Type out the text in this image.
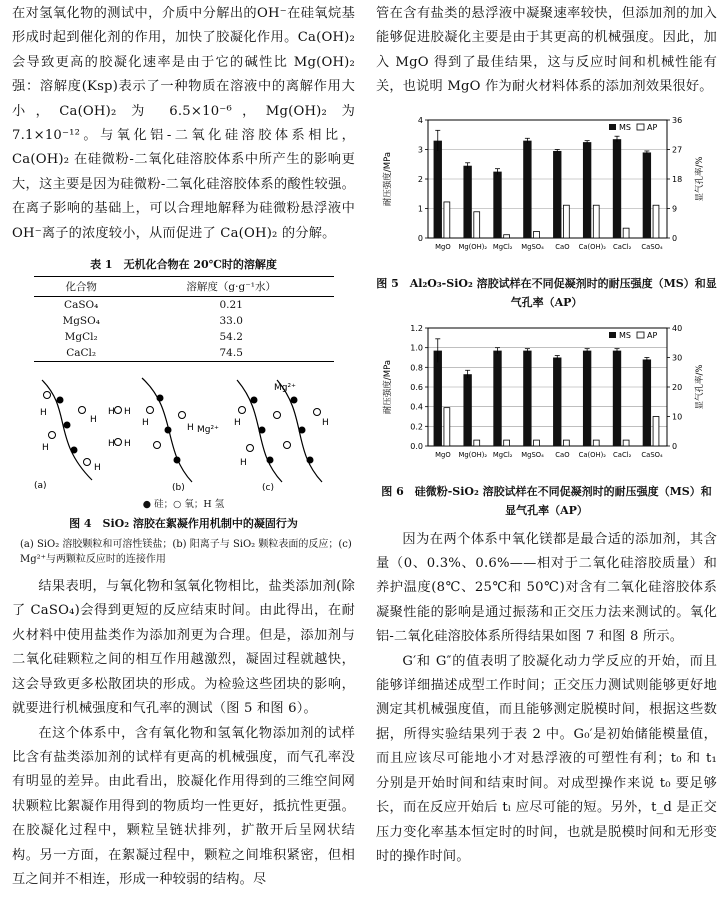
在对氢氧化物的测试中，介质中分解出的OH⁻在硅氧烷基形成时起到催化剂的作用，加快了胶凝化作用。Ca(OH)₂ 会导致更高的胶凝化速率是由于它的碱性比 Mg(OH)₂ 强：溶解度(Ksp)表示了一种物质在溶液中的离解作用大小，Ca(OH)₂ 为 6.5×10⁻⁶，Mg(OH)₂ 为 7.1×10⁻¹²。与氧化铝-二氧化硅溶胶体系相比，Ca(OH)₂ 在硅微粉-二氧化硅溶胶体系中所产生的影响更大，这主要是因为硅微粉-二氧化硅溶胶体系的酸性较强。在离子影响的基础上，可以合理地解释为硅微粉悬浮液中OH⁻离子的浓度较小，从而促进了 Ca(OH)₂ 的分解。

表 1　无机化合物在 20℃时的溶解度
化合物	溶解度（g·g⁻¹水）
CaSO₄	0.21
MgSO₄	33.0
MgCl₂	54.2
CaCl₂	74.5
H
H
H
H
H H
H H
H	H	H	H
H
(a)	(b)	(c)
Mg²⁺
Mg²⁺
● 硅；○ 氧；H 氢
图 4　SiO₂ 溶胶在絮凝作用机制中的凝固行为
(a) SiO₂ 溶胶颗粒和可溶性镁盐；(b) 阳离子与 SiO₂ 颗粒表面的反应；(c) Mg²⁺与两颗粒反应时的连接作用

结果表明，与氧化物和氢氧化物相比，盐类添加剂(除了 CaSO₄)会得到更短的反应结束时间。由此得出，在耐火材料中使用盐类作为添加剂更为合理。但是，添加剂与二氧化硅颗粒之间的相互作用越激烈，凝固过程就越快，这会导致更多松散团块的形成。为检验这些团块的影响，就要进行机械强度和气孔率的测试（图 5 和图 6）。

在这个体系中，含有氧化物和氢氧化物添加剂的试样比含有盐类添加剂的试样有更高的机械强度，而气孔率没有明显的差异。由此看出，胶凝化作用得到的三维空间网状颗粒比絮凝作用得到的物质均一性更好，抵抗性更强。在胶凝化过程中，颗粒呈链状排列，扩散开后呈网状结构。另一方面，在絮凝过程中，颗粒之间堆积紧密，但相互之间并不相连，形成一种较弱的结构。尽

管在含有盐类的悬浮液中凝聚速率较快，但添加剂的加入能够促进胶凝化主要是由于其更高的机械强度。因此，加入 MgO 得到了最佳结果，这与反应时间和机械性能有关，也说明 MgO 作为耐火材料体系的添加剂效果很好。

0
1
2
3
4
0
9
18
27
36
MgO Mg(OH)₂ MgCl₂ MgSO₄ CaO Ca(OH)₂ CaCl₂ CaSO₄
耐压强度/MPa	显气孔率/%
MS AP
图 5　Al₂O₃-SiO₂ 溶胶试样在不同促凝剂时的耐压强度（MS）和显气孔率（AP）
0.0
0.2
0.4
0.6
0.8
1.0
1.2
0
10
20
30
40
MgO Mg(OH)₂ MgCl₂ MgSO₄ CaO Ca(OH)₂ CaCl₂ CaSO₄
耐压强度/MPa	显气孔率/%
MS AP
图 6　硅微粉-SiO₂ 溶胶试样在不同促凝剂时的耐压强度（MS）和显气孔率（AP）

因为在两个体系中氧化镁都是最合适的添加剂，其含量（0、0.3%、0.6%——相对于二氧化硅溶胶质量）和养护温度(8℃、25℃和 50℃)对含有二氧化硅溶胶体系凝聚性能的影响是通过振荡和正交压力法来测试的。氧化铝-二氧化硅溶胶体系所得结果如图 7 和图 8 所示。

G′和 G″的值表明了胶凝化动力学反应的开始，而且能够详细描述成型工作时间；正交压力测试则能够更好地测定其机械强度值，而且能够测定脱模时间，根据这些数据，所得实验结果列于表 2 中。G₀′是初始储能模量值，而且应该尽可能地小才对悬浮液的可塑性有利；t₀ 和 t₁ 分别是开始时间和结束时间。对成型操作来说 t₀ 要足够长，而在反应开始后 tₗ 应尽可能的短。另外，t_d 是正交压力变化率基本恒定时的时间，也就是脱模时间和无形变时的操作时间。
